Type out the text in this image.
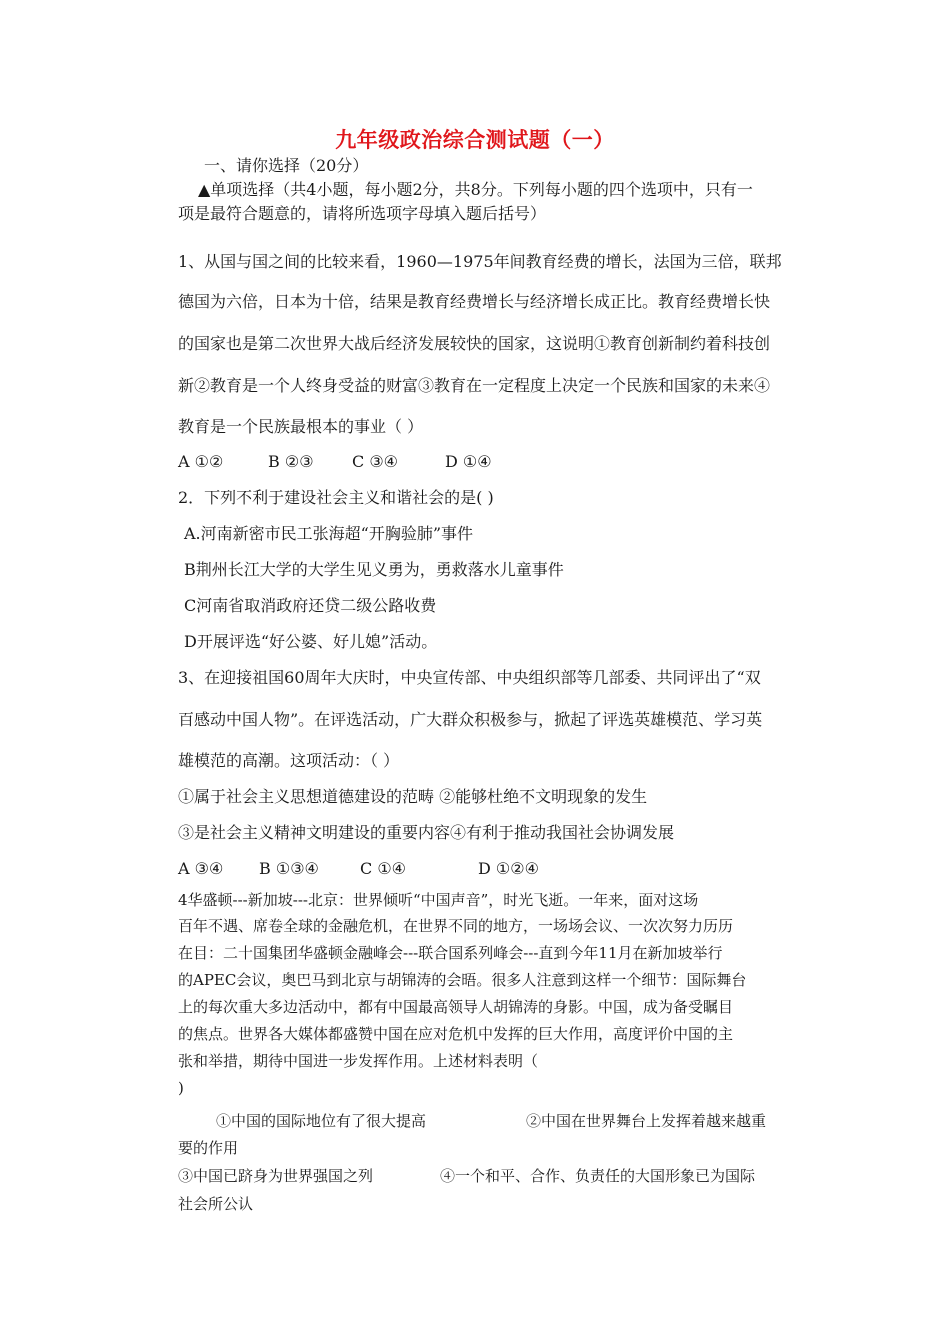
九年级政治综合测试题（一）
一、请你选择（20分）
▲单项选择（共4小题，每小题2分，共8分。下列每小题的四个选项中，只有一
项是最符合题意的，请将所选项字母填入题后括号）
1、从国与国之间的比较来看，1960—1975年间教育经费的增长，法国为三倍，联邦
德国为六倍，日本为十倍，结果是教育经费增长与经济增长成正比。教育经费增长快
的国家也是第二次世界大战后经济发展较快的国家，这说明①教育创新制约着科技创
新②教育是一个人终身受益的财富③教育在一定程度上决定一个民族和国家的未来④
教育是一个民族最根本的事业（ ）
A ①②	B ②③ C ③④	D ①④
2．下列不利于建设社会主义和谐社会的是( )
A.河南新密市民工张海超“开胸验肺”事件
B荆州长江大学的大学生见义勇为，勇救落水儿童事件
C河南省取消政府还贷二级公路收费
D开展评选“好公婆、好儿媳”活动。
3、在迎接祖国60周年大庆时，中央宣传部、中央组织部等几部委、共同评出了“双
百感动中国人物”。在评选活动，广大群众积极参与，掀起了评选英雄模范、学习英
雄模范的高潮。这项活动：（ ）
①属于社会主义思想道德建设的范畴 ②能够杜绝不文明现象的发生
③是社会主义精神文明建设的重要内容④有利于推动我国社会协调发展
A ③④ B ①③④	C ①④	D ①②④
4华盛顿---新加坡---北京：世界倾听“中国声音”，时光飞逝。一年来，面对这场
百年不遇、席卷全球的金融危机，在世界不同的地方，一场场会议、一次次努力历历
在目：二十国集团华盛顿金融峰会---联合国系列峰会---直到今年11月在新加坡举行
的APEC会议，奥巴马到北京与胡锦涛的会晤。很多人注意到这样一个细节：国际舞台
上的每次重大多边活动中，都有中国最高领导人胡锦涛的身影。中国，成为备受瞩目
的焦点。世界各大媒体都盛赞中国在应对危机中发挥的巨大作用，高度评价中国的主
张和举措，期待中国进一步发挥作用。上述材料表明（
)
①中国的国际地位有了很大提高	②中国在世界舞台上发挥着越来越重
要的作用
③中国已跻身为世界强国之列	④一个和平、合作、负责任的大国形象已为国际
社会所公认
